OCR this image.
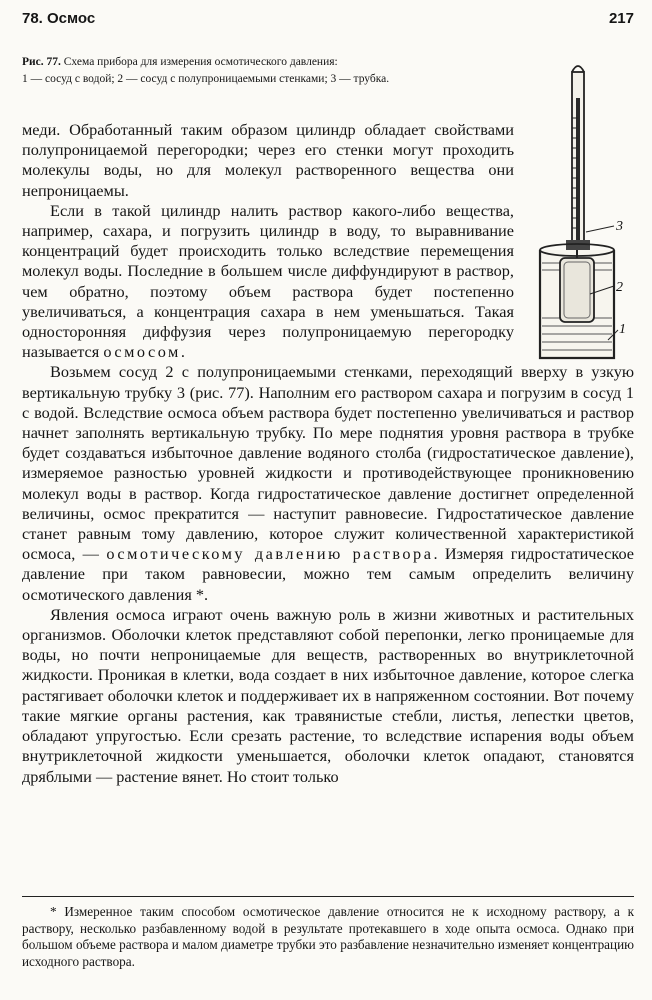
78. Осмос	217
Рис. 77. Схема прибора для измерения осмотического давления:
1 — сосуд с водой; 2 — сосуд с полупроницаемыми стенками; 3 — трубка.
3
2
1

меди. Обработанный таким образом цилиндр обладает свойствами полупроницаемой перегородки; через его стенки могут проходить молекулы воды, но для молекул растворенного вещества они непроницаемы.

Если в такой цилиндр налить раствор какого-либо вещества, например, сахара, и погрузить цилиндр в воду, то выравнивание концентраций будет происходить только вследствие перемещения молекул воды. Последние в большем числе диффундируют в раствор, чем обратно, поэтому объем раствора будет постепенно увеличиваться, а концентрация сахара в нем уменьшаться. Такая односторонняя диффузия через полупроницаемую перегородку называется осмосом.

Возьмем сосуд 2 с полупроницаемыми стенками, переходящий вверху в узкую вертикальную трубку 3 (рис. 77). Наполним его раствором сахара и погрузим в сосуд 1 с водой. Вследствие осмоса объем раствора будет постепенно увеличиваться и раствор начнет заполнять вертикальную трубку. По мере поднятия уровня раствора в трубке будет создаваться избыточное давление водяного столба (гидростатическое давление), измеряемое разностью уровней жидкости и противодействующее проникновению молекул воды в раствор. Когда гидростатическое давление достигнет определенной величины, осмос прекратится — наступит равновесие. Гидростатическое давление станет равным тому давлению, которое служит количественной характеристикой осмоса, — осмотическому давлению раствора. Измеряя гидростатическое давление при таком равновесии, можно тем самым определить величину осмотического давления *.

Явления осмоса играют очень важную роль в жизни животных и растительных организмов. Оболочки клеток представляют собой перепонки, легко проницаемые для воды, но почти непроницаемые для веществ, растворенных во внутриклеточной жидкости. Проникая в клетки, вода создает в них избыточное давление, которое слегка растягивает оболочки клеток и поддерживает их в напряженном состоянии. Вот почему такие мягкие органы растения, как травянистые стебли, листья, лепестки цветов, обладают упругостью. Если срезать растение, то вследствие испарения воды объем внутриклеточной жидкости уменьшается, оболочки клеток опадают, становятся дряблыми — растение вянет. Но стоит только

* Измеренное таким способом осмотическое давление относится не к исходному раствору, а к раствору, несколько разбавленному водой в результате протекавшего в ходе опыта осмоса. Однако при большом объеме раствора и малом диаметре трубки это разбавление незначительно изменяет концентрацию исходного раствора.
